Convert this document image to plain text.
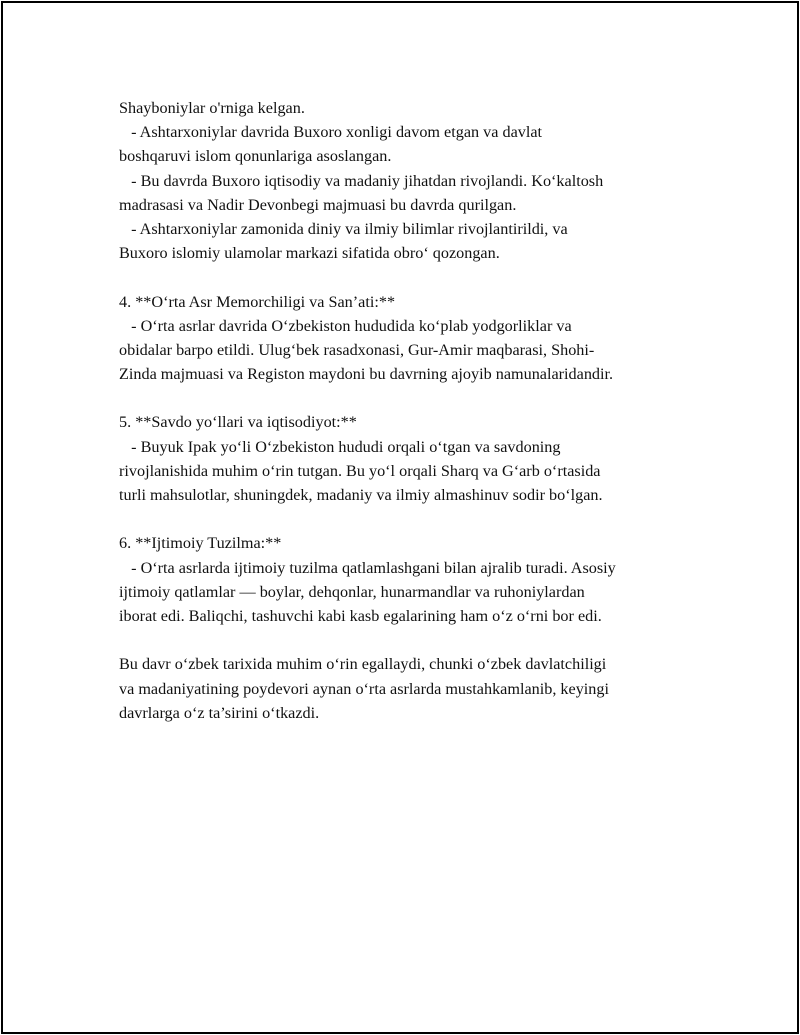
Shayboniylar o'rniga kelgan.
- Ashtarxoniylar davrida Buxoro xonligi davom etgan va davlat
boshqaruvi islom qonunlariga asoslangan.
- Bu davrda Buxoro iqtisodiy va madaniy jihatdan rivojlandi. Ko‘kaltosh
madrasasi va Nadir Devonbegi majmuasi bu davrda qurilgan.
- Ashtarxoniylar zamonida diniy va ilmiy bilimlar rivojlantirildi, va
Buxoro islomiy ulamolar markazi sifatida obro‘ qozongan.
4. **O‘rta Asr Memorchiligi va San’ati:**
- O‘rta asrlar davrida O‘zbekiston hududida ko‘plab yodgorliklar va
obidalar barpo etildi. Ulug‘bek rasadxonasi, Gur-Amir maqbarasi, Shohi-
Zinda majmuasi va Registon maydoni bu davrning ajoyib namunalaridandir.
5. **Savdo yo‘llari va iqtisodiyot:**
- Buyuk Ipak yo‘li O‘zbekiston hududi orqali o‘tgan va savdoning
rivojlanishida muhim o‘rin tutgan. Bu yo‘l orqali Sharq va G‘arb o‘rtasida
turli mahsulotlar, shuningdek, madaniy va ilmiy almashinuv sodir bo‘lgan.
6. **Ijtimoiy Tuzilma:**
- O‘rta asrlarda ijtimoiy tuzilma qatlamlashgani bilan ajralib turadi. Asosiy
ijtimoiy qatlamlar — boylar, dehqonlar, hunarmandlar va ruhoniylardan
iborat edi. Baliqchi, tashuvchi kabi kasb egalarining ham o‘z o‘rni bor edi.
Bu davr o‘zbek tarixida muhim o‘rin egallaydi, chunki o‘zbek davlatchiligi
va madaniyatining poydevori aynan o‘rta asrlarda mustahkamlanib, keyingi
davrlarga o‘z ta’sirini o‘tkazdi.
